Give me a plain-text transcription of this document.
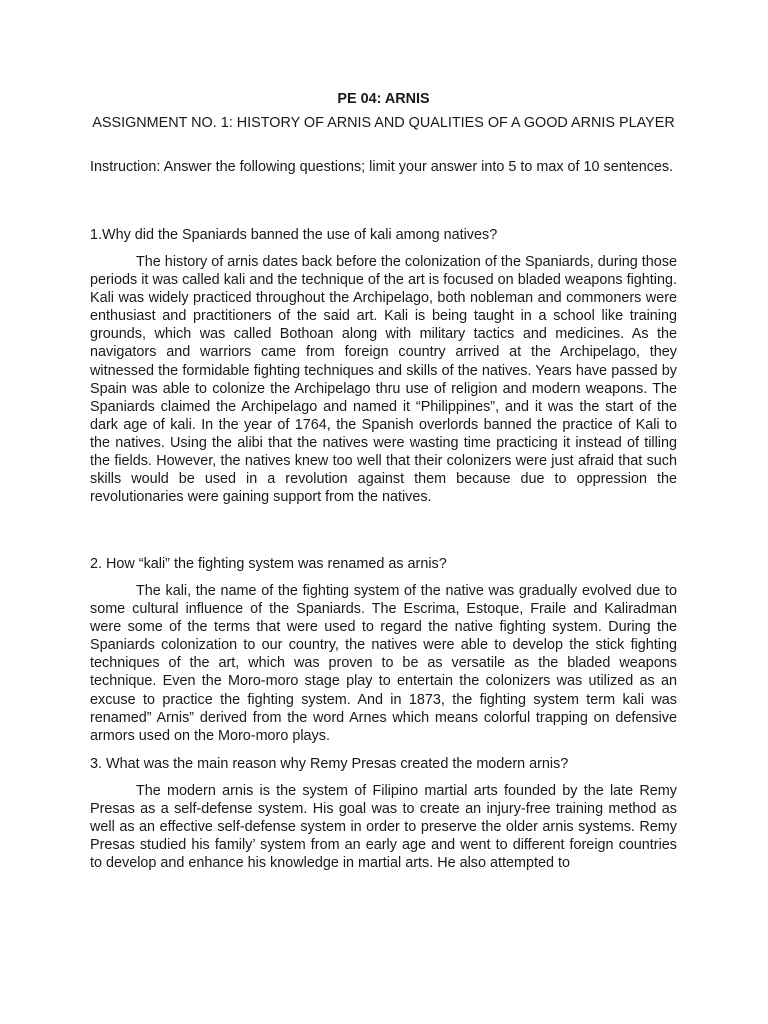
PE 04: ARNIS

ASSIGNMENT NO. 1: HISTORY OF ARNIS AND QUALITIES OF A GOOD ARNIS PLAYER

Instruction: Answer the following questions; limit your answer into 5 to max of 10 sentences.

1.Why did the Spaniards banned the use of kali among natives?

The history of arnis dates back before the colonization of the Spaniards, during those periods it was called kali and the technique of the art is focused on bladed weapons fighting. Kali was widely practiced throughout the Archipelago, both nobleman and commoners were enthusiast and practitioners of the said art. Kali is being taught in a school like training grounds, which was called Bothoan along with military tactics and medicines. As the navigators and warriors came from foreign country arrived at the Archipelago, they witnessed the formidable fighting techniques and skills of the natives. Years have passed by Spain was able to colonize the Archipelago thru use of religion and modern weapons. The Spaniards claimed the Archipelago and named it “Philippines”, and it was the start of the dark age of kali. In the year of 1764, the Spanish overlords banned the practice of Kali to the natives. Using the alibi that the natives were wasting time practicing it instead of tilling the fields. However, the natives knew too well that their colonizers were just afraid that such skills would be used in a revolution against them because due to oppression the revolutionaries were gaining support from the natives.

2. How “kali” the fighting system was renamed as arnis?

The kali, the name of the fighting system of the native was gradually evolved due to some cultural influence of the Spaniards. The Escrima, Estoque, Fraile and Kaliradman were some of the terms that were used to regard the native fighting system. During the Spaniards colonization to our country, the natives were able to develop the stick fighting techniques of the art, which was proven to be as versatile as the bladed weapons technique. Even the Moro-moro stage play to entertain the colonizers was utilized as an excuse to practice the fighting system. And in 1873, the fighting system term kali was renamed” Arnis” derived from the word Arnes which means colorful trapping on defensive armors used on the Moro-moro plays.

3. What was the main reason why Remy Presas created the modern arnis?

The modern arnis is the system of Filipino martial arts founded by the late Remy Presas as a self-defense system. His goal was to create an injury-free training method as well as an effective self-defense system in order to preserve the older arnis systems. Remy Presas studied his family’ system from an early age and went to different foreign countries to develop and enhance his knowledge in martial arts. He also attempted to
